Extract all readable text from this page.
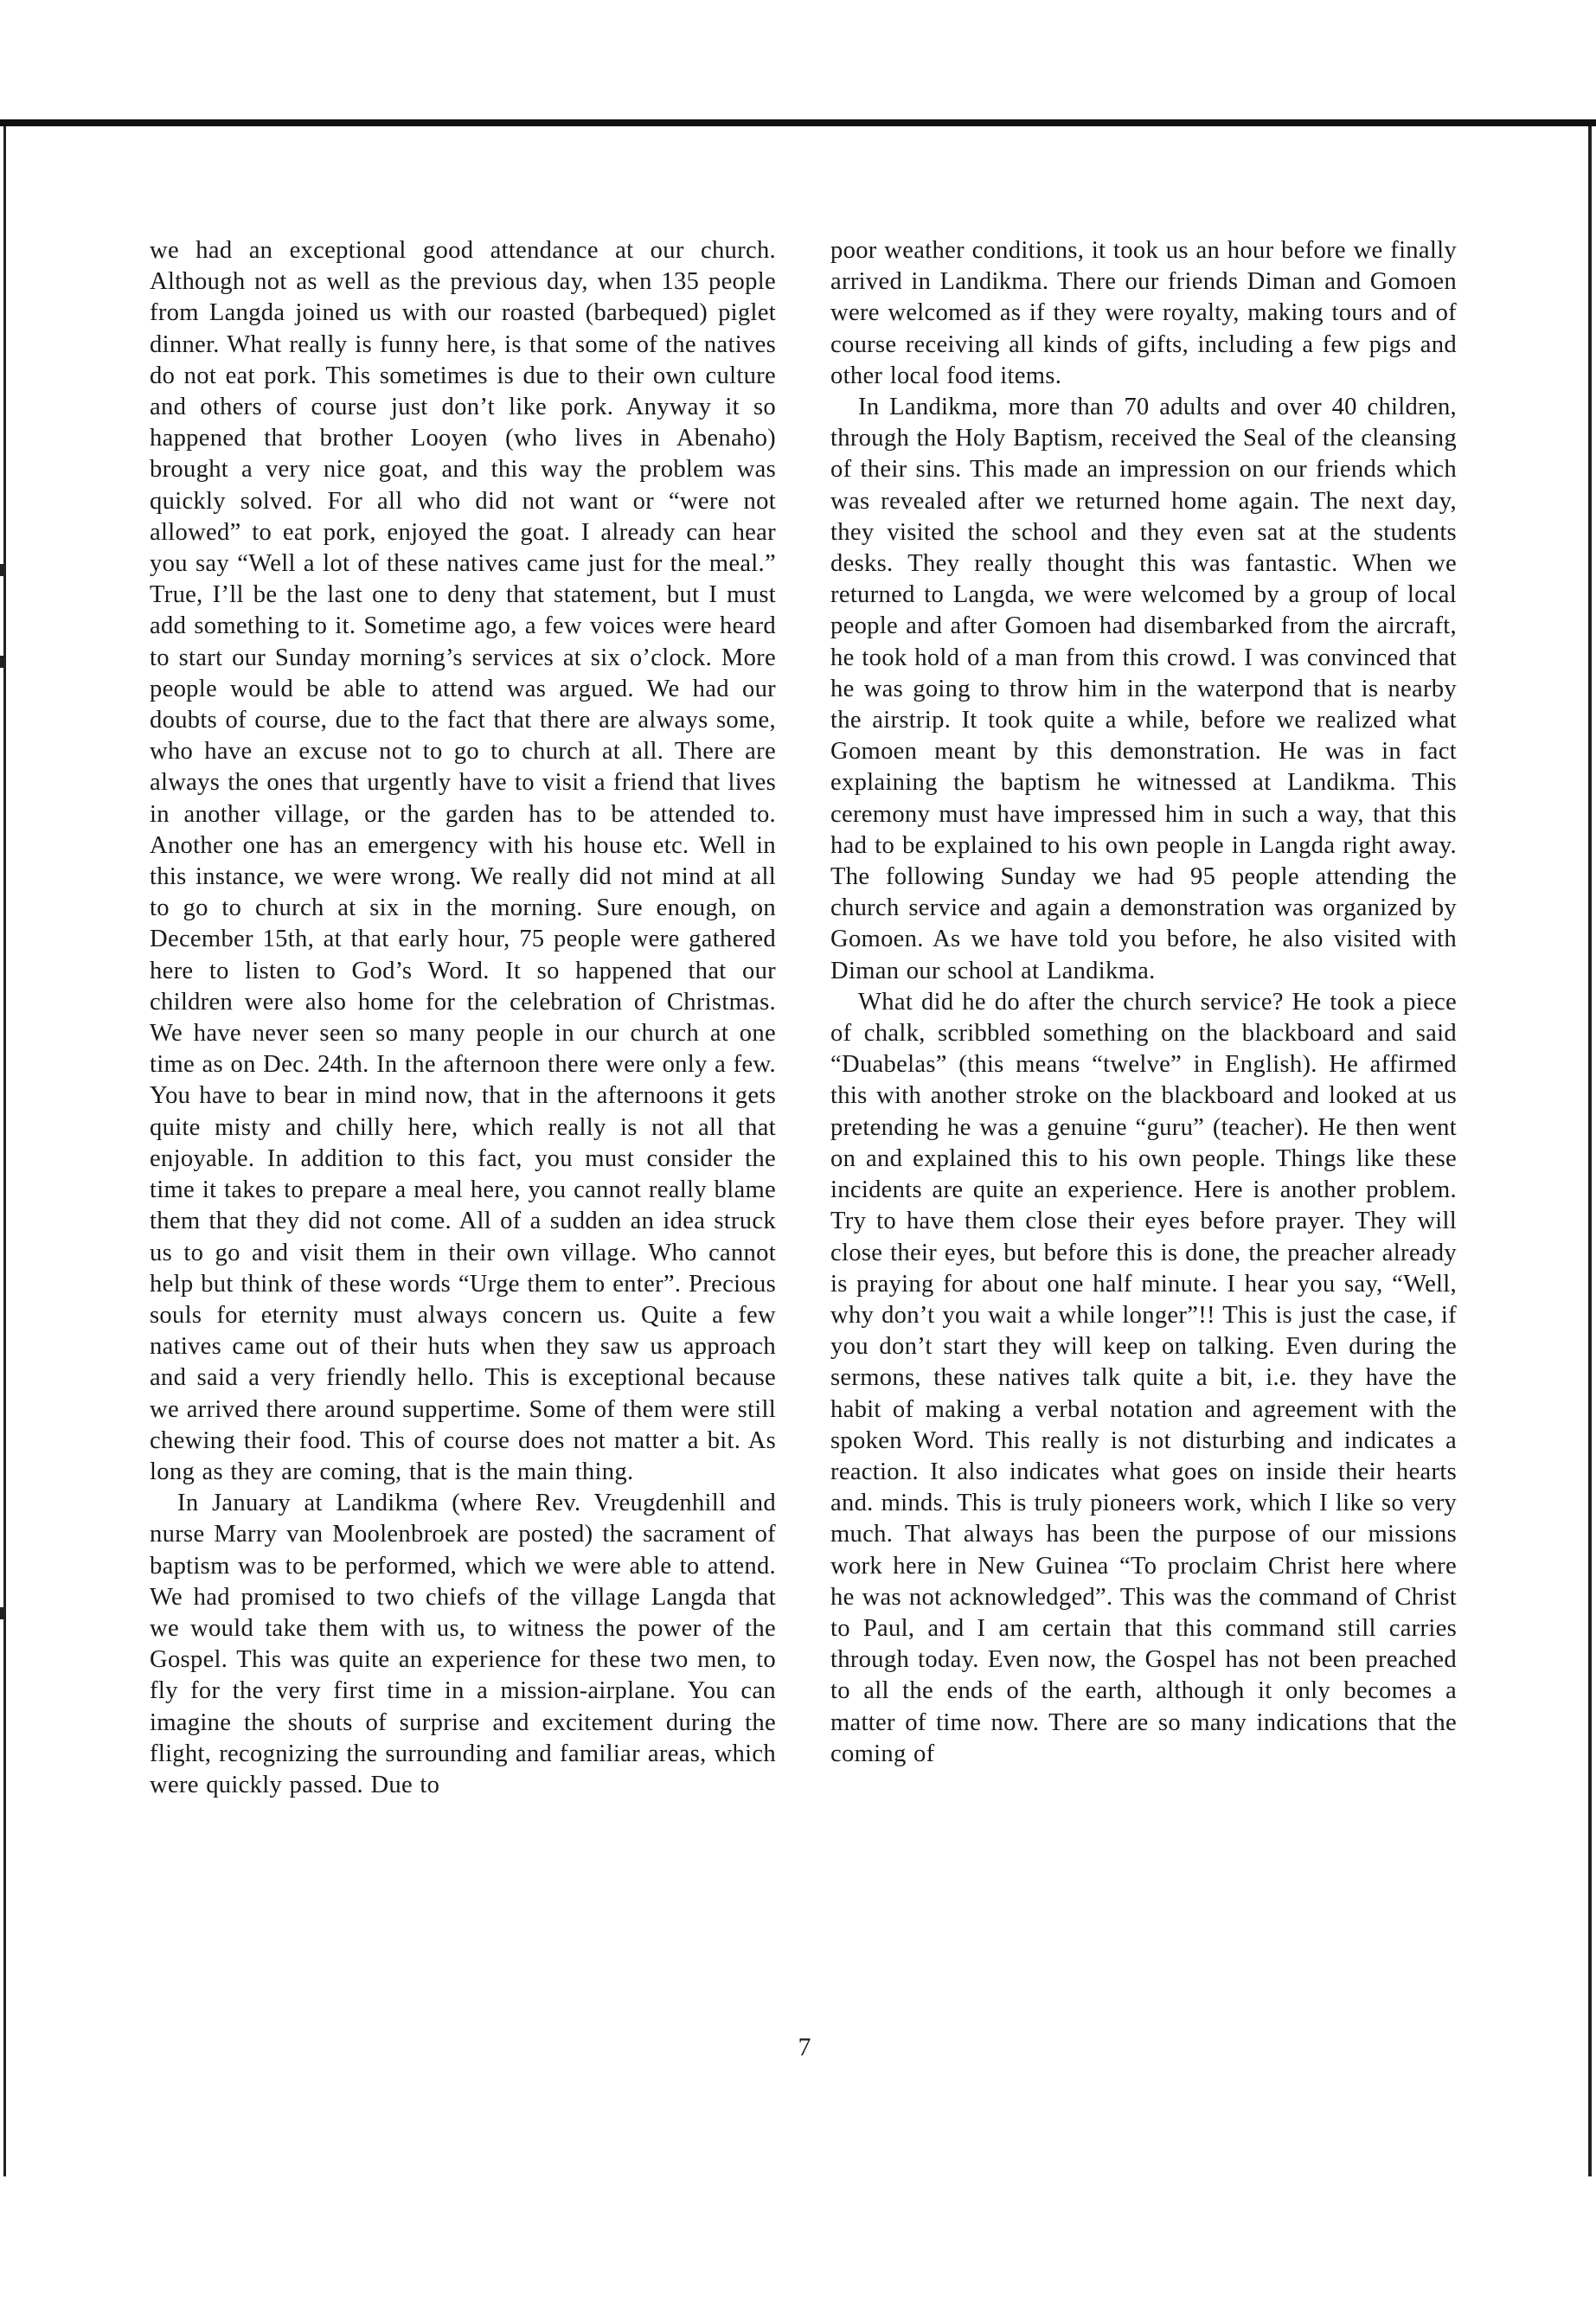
we had an exceptional good attendance at our church. Although not as well as the previous day, when 135 people from Langda joined us with our roasted (barbequed) piglet dinner. What really is funny here, is that some of the natives do not eat pork. This sometimes is due to their own culture and others of course just don’t like pork. Anyway it so happened that brother Looyen (who lives in Abenaho) brought a very nice goat, and this way the problem was quickly solved. For all who did not want or “were not allowed” to eat pork, enjoyed the goat. I already can hear you say “Well a lot of these natives came just for the meal.” True, I’ll be the last one to deny that statement, but I must add something to it. Sometime ago, a few voices were heard to start our Sunday morning’s services at six o’clock. More people would be able to attend was argued. We had our doubts of course, due to the fact that there are always some, who have an excuse not to go to church at all. There are always the ones that urgently have to visit a friend that lives in another village, or the garden has to be attended to. Another one has an emergency with his house etc. Well in this instance, we were wrong. We really did not mind at all to go to church at six in the morning. Sure enough, on December 15th, at that early hour, 75 people were gathered here to listen to God’s Word. It so happened that our children were also home for the celebration of Christmas. We have never seen so many people in our church at one time as on Dec. 24th. In the afternoon there were only a few. You have to bear in mind now, that in the afternoons it gets quite misty and chilly here, which really is not all that enjoyable. In addition to this fact, you must consider the time it takes to prepare a meal here, you cannot really blame them that they did not come. All of a sudden an idea struck us to go and visit them in their own village. Who cannot help but think of these words “Urge them to enter”. Precious souls for eternity must always concern us. Quite a few natives came out of their huts when they saw us approach and said a very friendly hello. This is exceptional because we arrived there around suppertime. Some of them were still chewing their food. This of course does not matter a bit. As long as they are coming, that is the main thing.

In January at Landikma (where Rev. Vreugdenhill and nurse Marry van Moolenbroek are posted) the sacrament of baptism was to be performed, which we were able to attend. We had promised to two chiefs of the village Langda that we would take them with us, to witness the power of the Gospel. This was quite an experience for these two men, to fly for the very first time in a mission-airplane. You can imagine the shouts of surprise and excitement during the flight, recognizing the surrounding and familiar areas, which were quickly passed. Due to

poor weather conditions, it took us an hour before we finally arrived in Landikma. There our friends Diman and Gomoen were welcomed as if they were royalty, making tours and of course receiving all kinds of gifts, including a few pigs and other local food items.

In Landikma, more than 70 adults and over 40 children, through the Holy Baptism, received the Seal of the cleansing of their sins. This made an impression on our friends which was revealed after we returned home again. The next day, they visited the school and they even sat at the students desks. They really thought this was fantastic. When we returned to Langda, we were welcomed by a group of local people and after Gomoen had disembarked from the aircraft, he took hold of a man from this crowd. I was convinced that he was going to throw him in the waterpond that is nearby the airstrip. It took quite a while, before we realized what Gomoen meant by this demonstration. He was in fact explaining the baptism he witnessed at Landikma. This ceremony must have impressed him in such a way, that this had to be explained to his own people in Langda right away. The following Sunday we had 95 people attending the church service and again a demonstration was organized by Gomoen. As we have told you before, he also visited with Diman our school at Landikma.

What did he do after the church service? He took a piece of chalk, scribbled something on the blackboard and said “Duabelas” (this means “twelve” in English). He affirmed this with another stroke on the blackboard and looked at us pretending he was a genuine “guru” (teacher). He then went on and explained this to his own people. Things like these incidents are quite an experience. Here is another problem. Try to have them close their eyes before prayer. They will close their eyes, but before this is done, the preacher already is praying for about one half minute. I hear you say, “Well, why don’t you wait a while longer”!! This is just the case, if you don’t start they will keep on talking. Even during the sermons, these natives talk quite a bit, i.e. they have the habit of making a verbal notation and agreement with the spoken Word. This really is not disturbing and indicates a reaction. It also indicates what goes on inside their hearts and. minds. This is truly pioneers work, which I like so very much. That always has been the purpose of our missions work here in New Guinea “To proclaim Christ here where he was not acknowledged”. This was the command of Christ to Paul, and I am certain that this command still carries through today. Even now, the Gospel has not been preached to all the ends of the earth, although it only becomes a matter of time now. There are so many indications that the coming of

7
